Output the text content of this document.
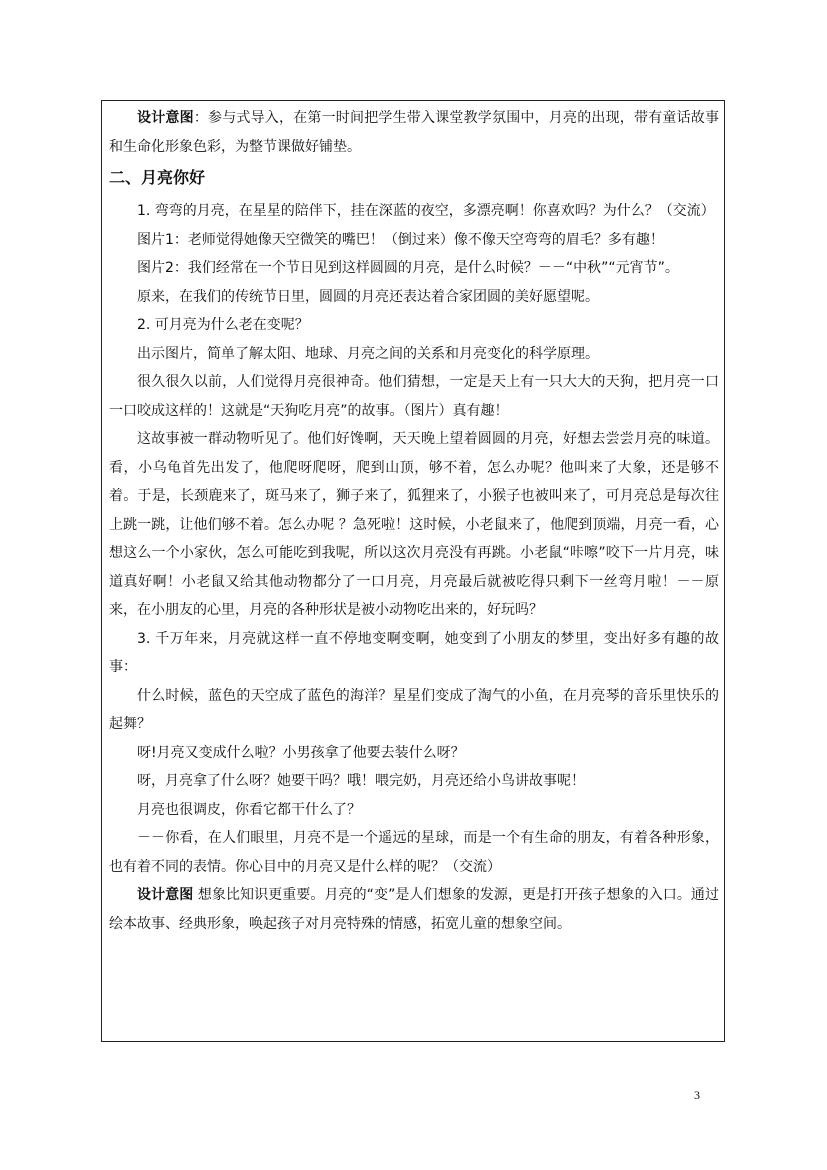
设计意图：参与式导入，在第一时间把学生带入课堂教学氛围中，月亮的出现，带有童话故事和生命化形象色彩，为整节课做好铺垫。

二、月亮你好

1. 弯弯的月亮，在星星的陪伴下，挂在深蓝的夜空，多漂亮啊！你喜欢吗？为什么？（交流）

图片1：老师觉得她像天空微笑的嘴巴！（倒过来）像不像天空弯弯的眉毛？多有趣！

图片2：我们经常在一个节日见到这样圆圆的月亮，是什么时候？－－“中秋”“元宵节”。

原来，在我们的传统节日里，圆圆的月亮还表达着合家团圆的美好愿望呢。

2. 可月亮为什么老在变呢？

出示图片，简单了解太阳、地球、月亮之间的关系和月亮变化的科学原理。

很久很久以前，人们觉得月亮很神奇。他们猜想，一定是天上有一只大大的天狗，把月亮一口一口咬成这样的！这就是“天狗吃月亮”的故事。（图片）真有趣！

这故事被一群动物听见了。他们好馋啊，天天晚上望着圆圆的月亮，好想去尝尝月亮的味道。看，小乌龟首先出发了，他爬呀爬呀，爬到山顶，够不着，怎么办呢？他叫来了大象，还是够不着。于是，长颈鹿来了，斑马来了，狮子来了，狐狸来了，小猴子也被叫来了，可月亮总是每次往上跳一跳，让他们够不着。怎么办呢 ？急死啦！这时候，小老鼠来了，他爬到顶端，月亮一看，心想这么一个小家伙，怎么可能吃到我呢，所以这次月亮没有再跳。小老鼠“咔嚓”咬下一片月亮，味道真好啊！小老鼠又给其他动物都分了一口月亮，月亮最后就被吃得只剩下一丝弯月啦！－－原来，在小朋友的心里，月亮的各种形状是被小动物吃出来的，好玩吗？

3. 千万年来，月亮就这样一直不停地变啊变啊，她变到了小朋友的梦里，变出好多有趣的故事：

什么时候，蓝色的天空成了蓝色的海洋？星星们变成了淘气的小鱼，在月亮琴的音乐里快乐的起舞？

呀!月亮又变成什么啦？小男孩拿了他要去装什么呀？

呀，月亮拿了什么呀？她要干吗？哦！喂完奶，月亮还给小鸟讲故事呢！

月亮也很调皮，你看它都干什么了？

－－你看，在人们眼里，月亮不是一个遥远的星球，而是一个有生命的朋友，有着各种形象，也有着不同的表情。你心目中的月亮又是什么样的呢？（交流）

设计意图 想象比知识更重要。月亮的“变”是人们想象的发源，更是打开孩子想象的入口。通过绘本故事、经典形象，唤起孩子对月亮特殊的情感，拓宽儿童的想象空间。

3
